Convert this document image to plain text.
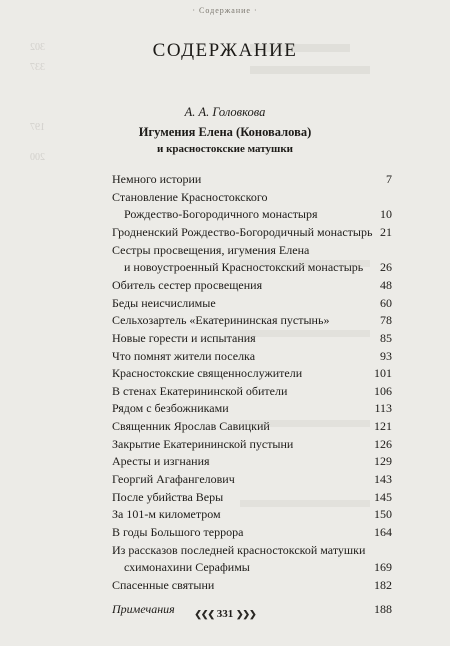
302
337
197
200
· Содержание ·
СОДЕРЖАНИЕ
А. А. Головкова
Игумения Елена (Коновалова)
и красностокские матушки
Немного истории	7
Становление Красностокского
Рождество-Богородичного монастыря	10
Гродненский Рождество-Богородичный монастырь 21
Сестры просвещения, игумения Елена
и новоустроенный Красностокский монастырь	26
Обитель сестер просвещения	48
Беды неисчислимые	60
Сельхозартель «Екатерининская пустынь»	78
Новые горести и испытания	85
Что помнят жители поселка	93
Красностокские священнослужители	101
В стенах Екатерининской обители	106
Рядом с безбожниками	113
Священник Ярослав Савицкий	121
Закрытие Екатерининской пустыни	126
Аресты и изгнания	129
Георгий Агафангелович	143
После убийства Веры	145
За 101-м километром	150
В годы Большого террора	164
Из рассказов последней красностокской матушки
схимонахини Серафимы	169
Спасенные святыни	182
Примечания	188
❮❮❮ 331 ❯❯❯
